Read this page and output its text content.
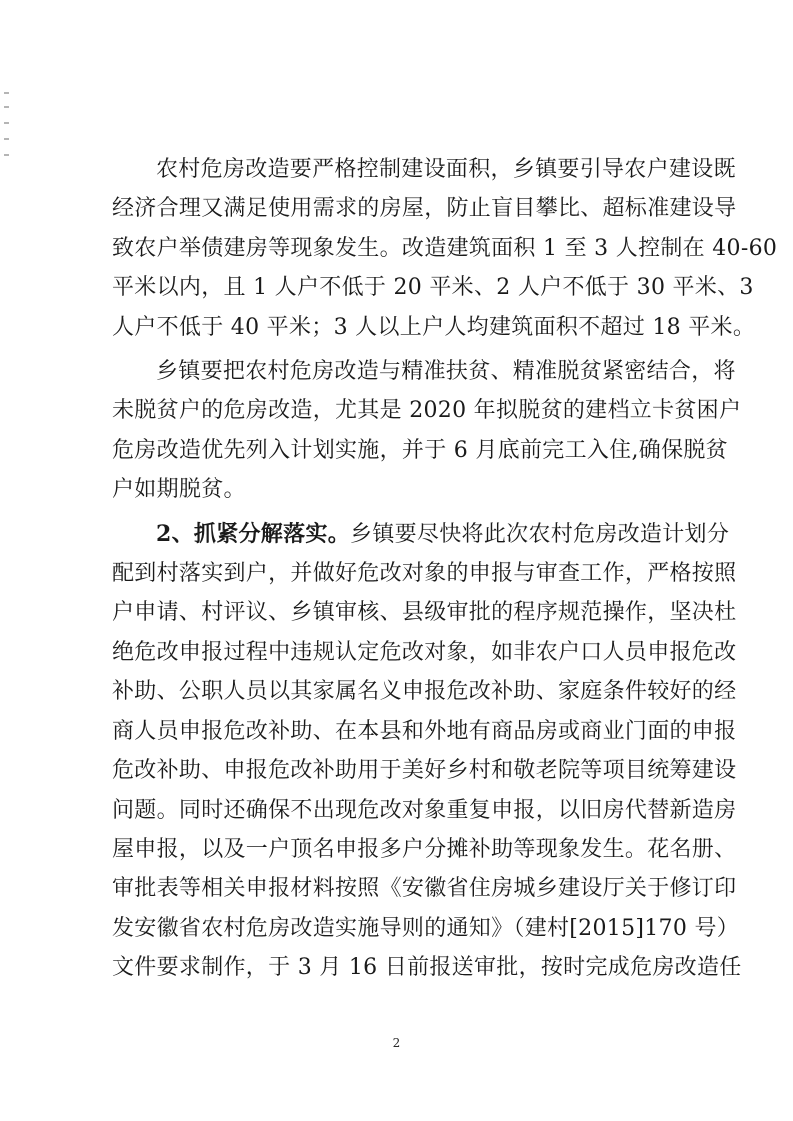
农村危房改造要严格控制建设面积，乡镇要引导农户建设既
经济合理又满足使用需求的房屋，防止盲目攀比、超标准建设导
致农户举债建房等现象发生。改造建筑面积 1 至 3 人控制在 40-60
平米以内，且 1 人户不低于 20 平米、2 人户不低于 30 平米、3
人户不低于 40 平米；3 人以上户人均建筑面积不超过 18 平米。
乡镇要把农村危房改造与精准扶贫、精准脱贫紧密结合，将
未脱贫户的危房改造，尤其是 2020 年拟脱贫的建档立卡贫困户
危房改造优先列入计划实施，并于 6 月底前完工入住,确保脱贫
户如期脱贫。
2、抓紧分解落实。乡镇要尽快将此次农村危房改造计划分
配到村落实到户，并做好危改对象的申报与审查工作，严格按照
户申请、村评议、乡镇审核、县级审批的程序规范操作，坚决杜
绝危改申报过程中违规认定危改对象，如非农户口人员申报危改
补助、公职人员以其家属名义申报危改补助、家庭条件较好的经
商人员申报危改补助、在本县和外地有商品房或商业门面的申报
危改补助、申报危改补助用于美好乡村和敬老院等项目统筹建设
问题。同时还确保不出现危改对象重复申报，以旧房代替新造房
屋申报，以及一户顶名申报多户分摊补助等现象发生。花名册、
审批表等相关申报材料按照《安徽省住房城乡建设厅关于修订印
发安徽省农村危房改造实施导则的通知》（建村[2015]170 号）
文件要求制作，于 3 月 16 日前报送审批，按时完成危房改造任
2
